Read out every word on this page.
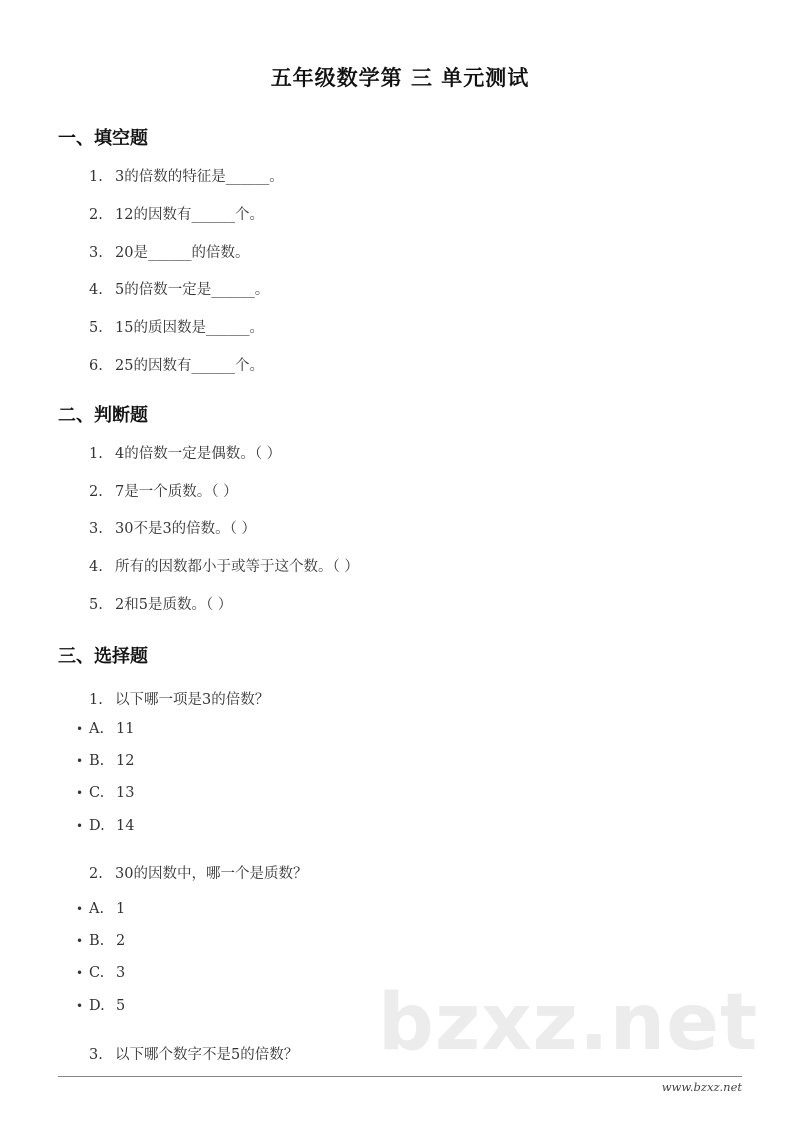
五年级数学第 三 单元测试
一、填空题
1. 3的倍数的特征是______。
2. 12的因数有______个。
3. 20是______的倍数。
4. 5的倍数一定是______。
5. 15的质因数是______。
6. 25的因数有______个。
二、判断题
1. 4的倍数一定是偶数。（ ）
2. 7是一个质数。（ ）
3. 30不是3的倍数。（ ）
4. 所有的因数都小于或等于这个数。（ ）
5. 2和5是质数。（ ）
三、选择题
1. 以下哪一项是3的倍数？
• A. 11
• B. 12
• C. 13
• D. 14
2. 30的因数中，哪一个是质数？
• A. 1
• B. 2
• C. 3
• D. 5
3. 以下哪个数字不是5的倍数？ bzxz.net
www.bzxz.net
